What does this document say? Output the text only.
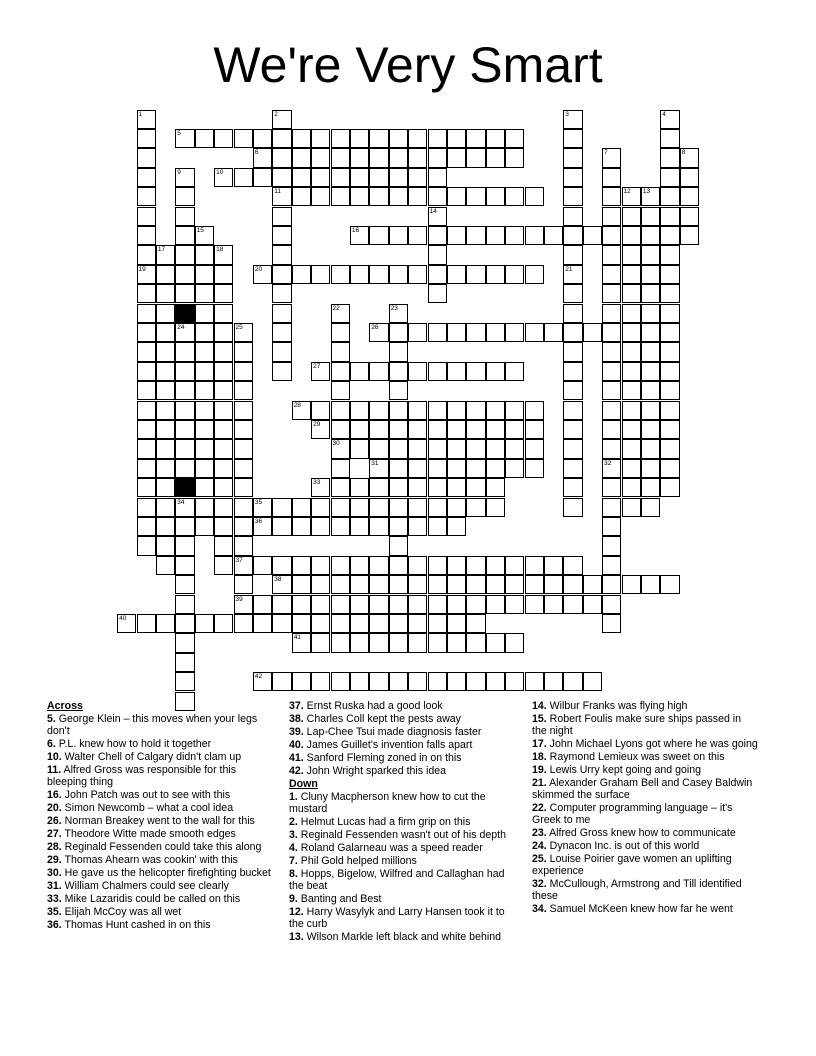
We're Very Smart
5
6
10
11
16
20
26
27
28
29
30
31
33
35
36
37
38
39
40
41
42
1
19
2	3
21
4
7
32
8
9
24
34
12 13
14
15
17	18
22	23
25
Across
5. George Klein – this moves when your legs don't
6. P.L. knew how to hold it together
10. Walter Chell of Calgary didn't clam up
11. Alfred Gross was responsible for this bleeping thing
16. John Patch was out to see with this
20. Simon Newcomb – what a cool idea
26. Norman Breakey went to the wall for this
27. Theodore Witte made smooth edges
28. Reginald Fessenden could take this along
29. Thomas Ahearn was cookin' with this
30. He gave us the helicopter firefighting bucket
31. William Chalmers could see clearly
33. Mike Lazaridis could be called on this
35. Elijah McCoy was all wet
36. Thomas Hunt cashed in on this
37. Ernst Ruska had a good look
38. Charles Coll kept the pests away
39. Lap-Chee Tsui made diagnosis faster
40. James Guillet's invention falls apart
41. Sanford Fleming zoned in on this
42. John Wright sparked this idea
Down
1. Cluny Macpherson knew how to cut the mustard
2. Helmut Lucas had a firm grip on this
3. Reginald Fessenden wasn't out of his depth
4. Roland Galarneau was a speed reader
7. Phil Gold helped millions
8. Hopps, Bigelow, Wilfred and Callaghan had the beat
9. Banting and Best
12. Harry Wasylyk and Larry Hansen took it to the curb
13. Wilson Markle left black and white behind
14. Wilbur Franks was flying high
15. Robert Foulis make sure ships passed in the night
17. John Michael Lyons got where he was going
18. Raymond Lemieux was sweet on this
19. Lewis Urry kept going and going
21. Alexander Graham Bell and Casey Baldwin skimmed the surface
22. Computer programming language – it's Greek to me
23. Alfred Gross knew how to communicate
24. Dynacon Inc. is out of this world
25. Louise Poirier gave women an uplifting experience
32. McCullough, Armstrong and Till identified these
34. Samuel McKeen knew how far he went
